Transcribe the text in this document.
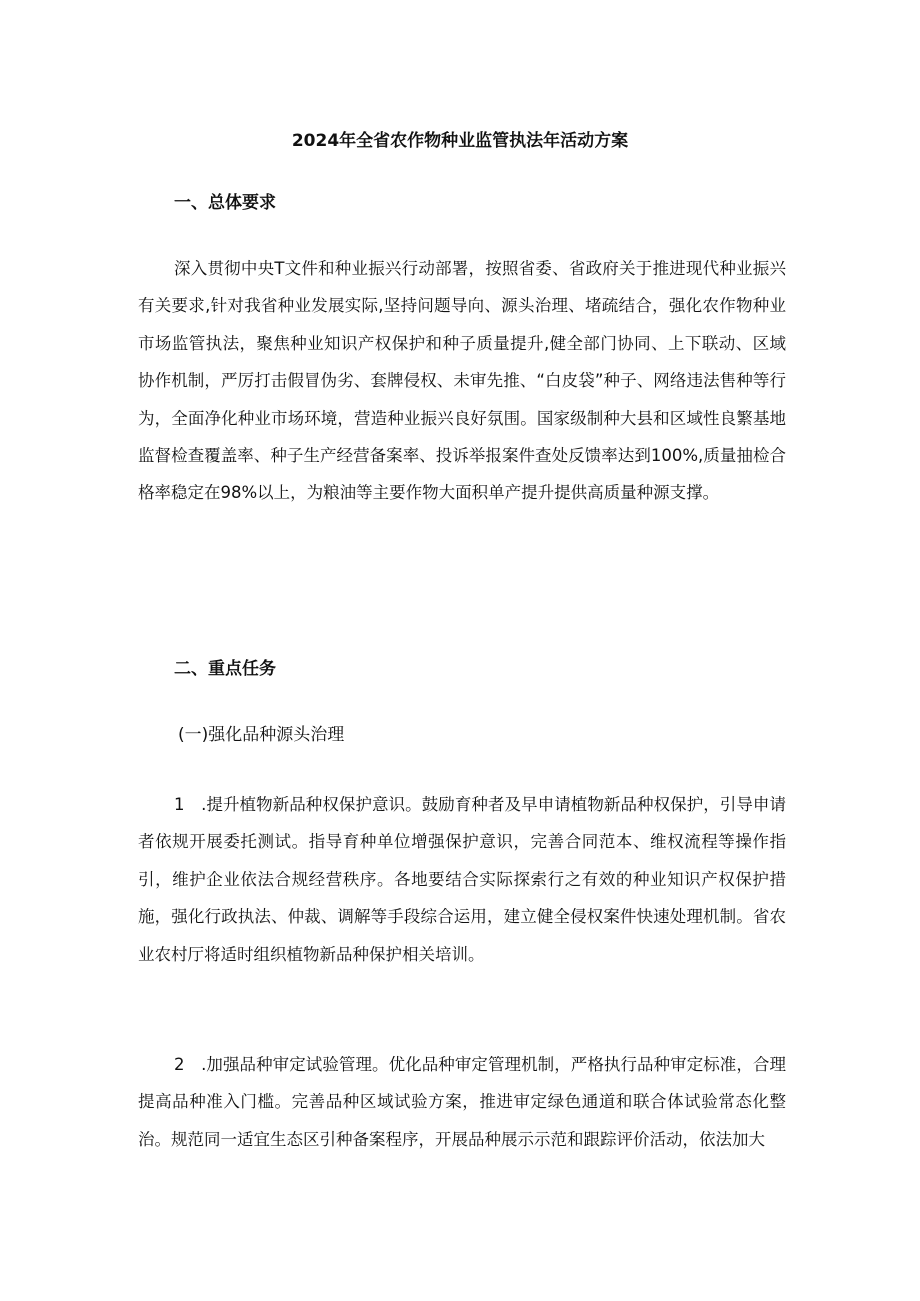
2024年全省农作物种业监管执法年活动方案
一、总体要求
深入贯彻中央T文件和种业振兴行动部署，按照省委、省政府关于推进现代种业振兴有关要求,针对我省种业发展实际,坚持问题导向、源头治理、堵疏结合，强化农作物种业市场监管执法，聚焦种业知识产权保护和种子质量提升,健全部门协同、上下联动、区域协作机制，严厉打击假冒伪劣、套牌侵权、未审先推、“白皮袋”种子、网络违法售种等行为，全面净化种业市场环境，营造种业振兴良好氛围。国家级制种大县和区域性良繁基地监督检查覆盖率、种子生产经营备案率、投诉举报案件查处反馈率达到100%,质量抽检合格率稳定在98%以上，为粮油等主要作物大面积单产提升提供高质量种源支撑。
二、重点任务
(一)强化品种源头治理
1　.提升植物新品种权保护意识。鼓励育种者及早申请植物新品种权保护，引导申请者依规开展委托测试。指导育种单位增强保护意识，完善合同范本、维权流程等操作指引，维护企业依法合规经营秩序。各地要结合实际探索行之有效的种业知识产权保护措施，强化行政执法、仲裁、调解等手段综合运用，建立健全侵权案件快速处理机制。省农业农村厅将适时组织植物新品种保护相关培训。
2　.加强品种审定试验管理。优化品种审定管理机制，严格执行品种审定标准，合理提高品种准入门槛。完善品种区域试验方案，推进审定绿色通道和联合体试验常态化整治。规范同一适宜生态区引种备案程序，开展品种展示示范和跟踪评价活动，依法加大
